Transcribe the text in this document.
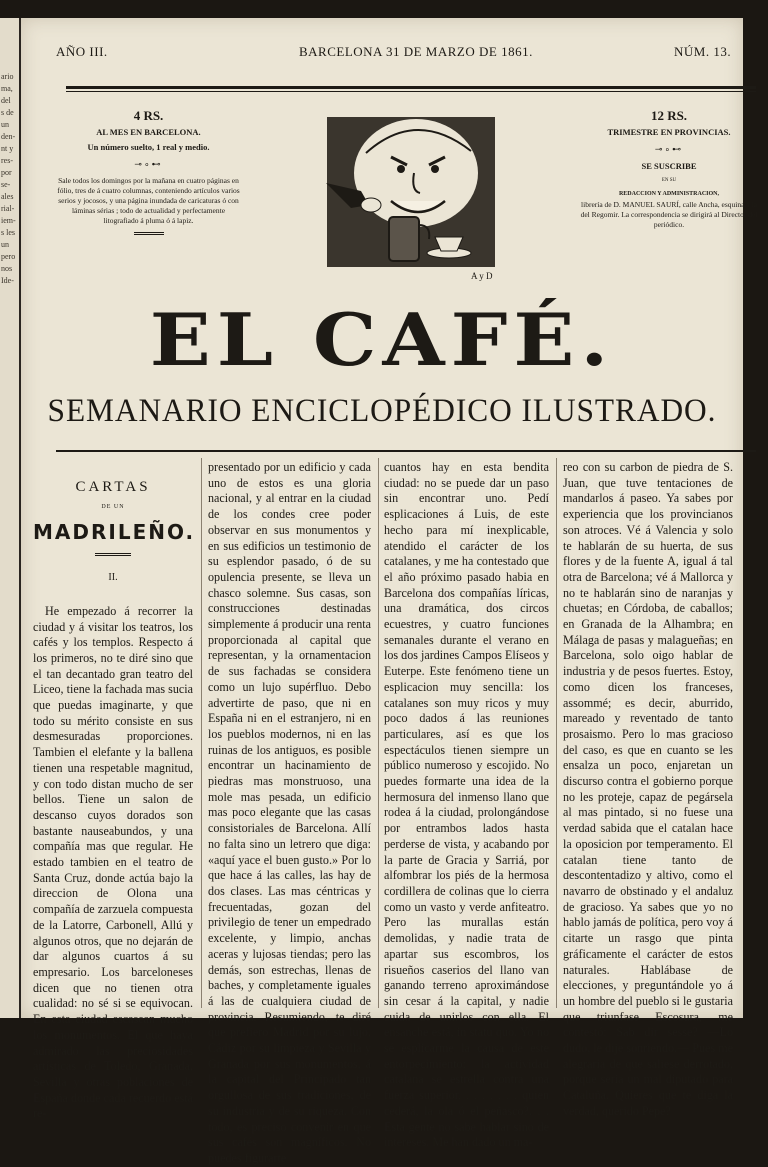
ario
ma,
del
s de
un
den-
nt y
res-
por
se-
ales
rial-
iem-
s les
un
pero
nos
Ide-
AÑO III.	BARCELONA 31 DE MARZO DE 1861.	NÚM. 13.
4 RS.
AL MES EN BARCELONA.
Un número suelto, 1 real y medio.
⊸∘⊷
Sale todos los domingos por la mañana en cuatro páginas en fólio, tres de á cuatro columnas, conteniendo artículos varios serios y jocosos, y una página inundada de caricaturas ó con láminas sérias ; todo de actualidad y perfectamente litografiado á pluma ó á lapiz.
A y D
12 RS.
TRIMESTRE EN PROVINCIAS.
⊸∘⊷
SE SUSCRIBE
EN SU
REDACCION Y ADMINISTRACION,
librería de D. MANUEL SAURÍ, calle Ancha, esquina á la del Regomir. La correspondencia se dirigirá al Director del periódico.
EL CAFÉ.
SEMANARIO ENCICLOPÉDICO ILUSTRADO.
CARTAS
DE UN
MADRILEÑO.
II.

He empezado á recorrer la ciudad y á visitar los teatros, los cafés y los templos. Respecto á los primeros, no te diré sino que el tan decantado gran teatro del Liceo, tiene la fachada mas sucia que puedas imaginarte, y que todo su mérito consiste en sus desmesuradas proporciones. Tambien el elefante y la ballena tienen una respetable magnitud, y con todo distan mucho de ser bellos. Tiene un salon de descanso cuyos dorados son bastante nauseabundos, y una compañía mas que regular. He estado tambien en el teatro de Santa Cruz, donde actúa bajo la direccion de Olona una compañía de zarzuela compuesta de la Latorre, Carbonell, Allú y algunos otros, que no dejarán de dar algunos cuartos á su empresario. Los barceloneses dicen que no tienen otra cualidad: no sé si se equivocan. En esta ciudad escasean mucho los monumentos. El que haya admirado las preciosidades artísticas de Toledo, Granada, Sevilla y otras poblaciones de España donde cada recuerdo está re-

presentado por un edificio y cada uno de estos es una gloria nacional, y al entrar en la ciudad de los condes cree poder observar en sus monumentos y en sus edificios un testimonio de su esplendor pasado, ó de su opulencia presente, se lleva un chasco solemne. Sus casas, son construcciones destinadas simplemente á producir una renta proporcionada al capital que representan, y la ornamentacion de sus fachadas se considera como un lujo supérfluo. Debo advertirte de paso, que ni en España ni en el estranjero, ni en los pueblos modernos, ni en las ruinas de los antiguos, es posible encontrar un hacinamiento de piedras mas monstruoso, una mole mas pesada, un edificio mas poco elegante que las casas consistoriales de Barcelona. Allí no falta sino un letrero que diga: «aquí yace el buen gusto.» Por lo que hace á las calles, las hay de dos clases. Las mas céntricas y frecuentadas, gozan del privilegio de tener un empedrado excelente, y limpio, anchas aceras y lujosas tiendas; pero las demás, son estrechas, llenas de baches, y completamente iguales á las de cualquiera ciudad de provincia. Resumiendo, te diré que prefiero Madrid por su lujo, Cádiz por su limpieza y Sevilla y Granada por sus monumentos, á la capital del Principado tan orgullosa de sus tradiciones, de su industria y de su riqueza. Con todo, es preciso convenir en que sus cafés son magníficos. No puedes figurarte

cuantos hay en esta bendita ciudad: no se puede dar un paso sin encontrar uno. Pedí esplicaciones á Luis, de este hecho para mí inexplicable, atendido el carácter de los catalanes, y me ha contestado que el año próximo pasado habia en Barcelona dos compañías líricas, una dramática, dos circos ecuestres, y cuatro funciones semanales durante el verano en los dos jardines Campos Elíseos y Euterpe. Este fenómeno tiene un esplicacion muy sencilla: los catalanes son muy ricos y muy poco dados á las reuniones particulares, así es que los espectáculos tienen siempre un público numeroso y escojido. No puedes formarte una idea de la hermosura del inmenso llano que rodea á la ciudad, prolongándose por entrambos lados hasta perderse de vista, y acabando por la parte de Gracia y Sarriá, por alfombrar los piés de la hermosa cordillera de colinas que lo cierra como un vasto y verde anfiteatro. Pero las murallas están demolidas, y nadie trata de apartar sus escombros, los risueños caserios del llano van ganando terreno aproximándose sin cesar á la capital, y nadie cuida de unirlos con ella. El ensanche está, in statu quo. Yo no sé esplicarme la causa de este entorpecimiento: la actividad catalana se estrella contra una fuerza superior. . . . . . . . quien cederá, la ola ó el peñasco?. . . Esta gente no sabe hablar sino de intereses. Me han dado un ma-

reo con su carbon de piedra de S. Juan, que tuve tentaciones de mandarlos á paseo. Ya sabes por experiencia que los provincianos son atroces. Vé á Valencia y solo te hablarán de su huerta, de sus flores y de la fuente A, igual á tal otra de Barcelona; vé á Mallorca y no te hablarán sino de naranjas y chuetas; en Córdoba, de caballos; en Granada de la Alhambra; en Málaga de pasas y malagueñas; en Barcelona, solo oigo hablar de industria y de pesos fuertes. Estoy, como dicen los franceses, assommé; es decir, aburrido, mareado y reventado de tanto prosaismo. Pero lo mas gracioso del caso, es que en cuanto se les ensalza un poco, enjaretan un discurso contra el gobierno porque no les proteje, capaz de pegársela al mas pintado, si no fuese una verdad sabida que el catalan hace la oposicion por temperamento. El catalan tiene tanto de descontentadizo y altivo, como el navarro de obstinado y el andaluz de gracioso. Ya sabes que yo no hablo jamás de política, pero voy á citarte un rasgo que pinta gráficamente el carácter de estos naturales. Hablábase de elecciones, y preguntándole yo á un hombre del pueblo si le gustaria que triunfase Escosura, me contestó: Sab dir sesse? —Lo dudo, le dije sonriendo.— Pues me alegraria de que saliese derrotado, porque seria un mal diputado para Cataluña. Quieres que te diga la verdad, querido Pepe?
